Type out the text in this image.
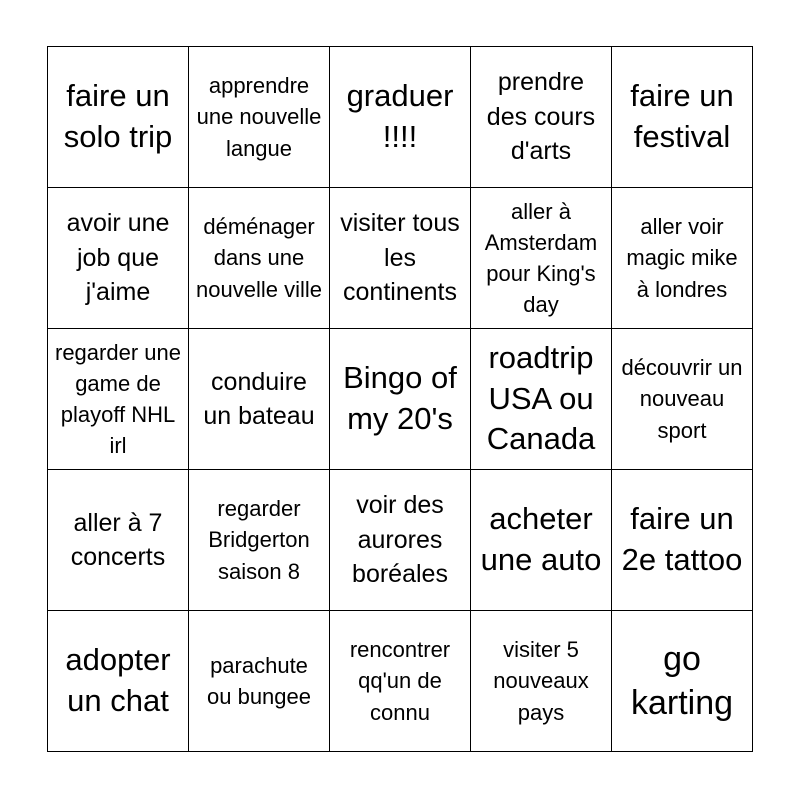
faire un solo trip
apprendre une nouvelle langue
graduer !!!!
prendre des cours d'arts
faire un festival
avoir une job que j'aime
déménager dans une nouvelle ville
visiter tous les continents
aller à Amsterdam pour King's day
aller voir magic mike à londres
regarder une game de playoff NHL irl
conduire un bateau
Bingo of my 20's
roadtrip USA ou Canada
découvrir un nouveau sport
aller à 7 concerts
regarder Bridgerton saison 8
voir des aurores boréales
acheter une auto
faire un 2e tattoo
adopter un chat
parachute ou bungee
rencontrer qq'un de connu
visiter 5 nouveaux pays
go karting
